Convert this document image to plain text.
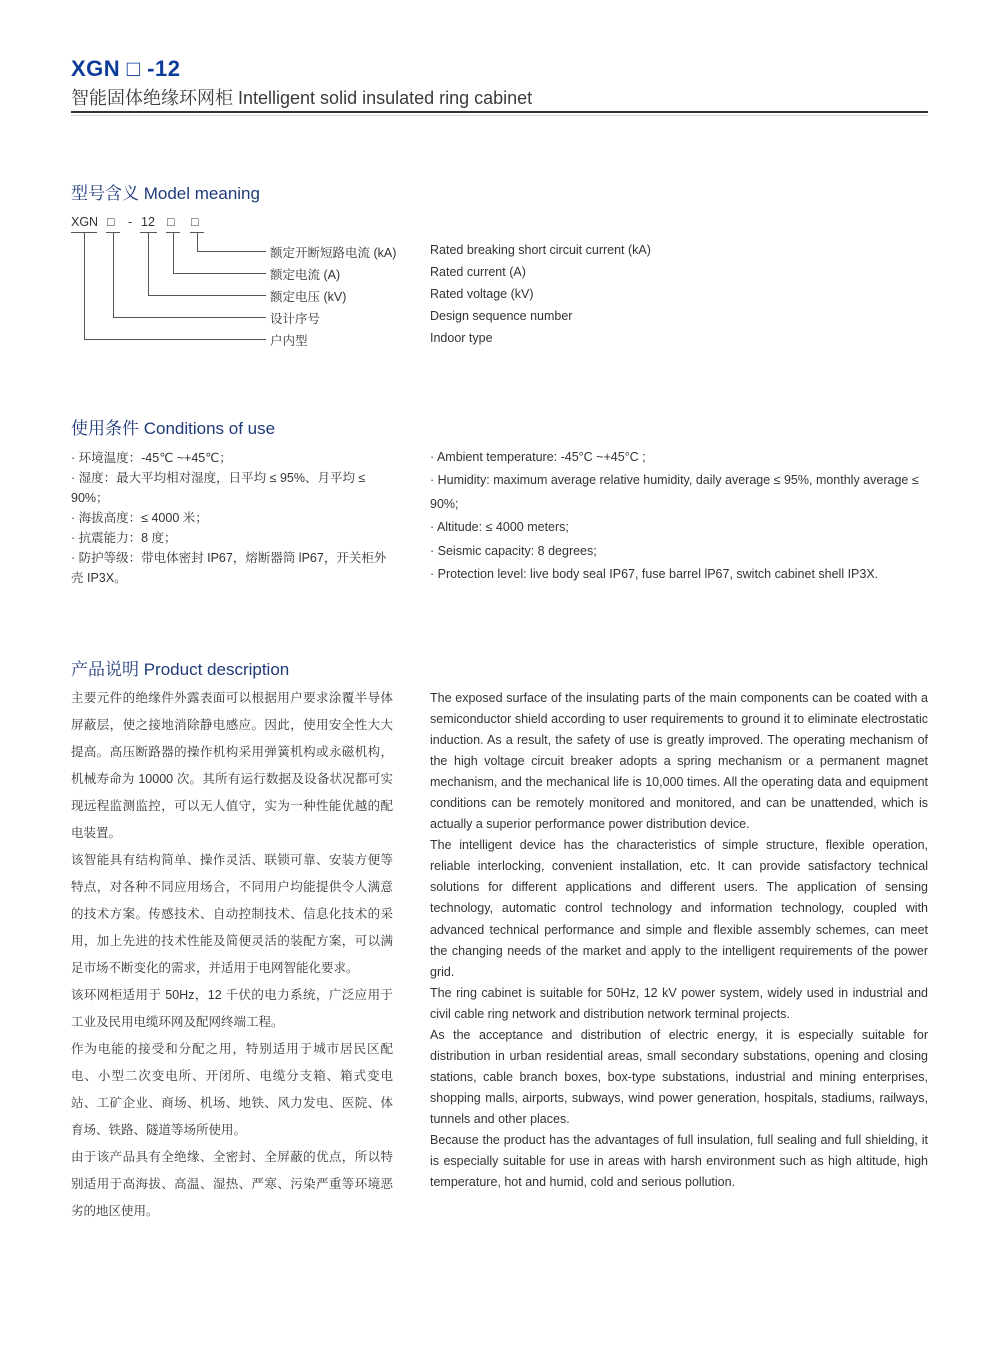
XGN □ -12
智能固体绝缘环网柜 Intelligent solid insulated ring cabinet
型号含义 Model meaning
XGN □ - 12 □ □
额定开断短路电流 (kA)
额定电流 (A)
额定电压 (kV)
设计序号
户内型
Rated breaking short circuit current (kA)
Rated current (A)
Rated voltage (kV)
Design sequence number
Indoor type
使用条件 Conditions of use

· 环境温度：-45℃ ~+45℃；

· 湿度：最大平均相对湿度，日平均 ≤ 95%、月平均 ≤ 90%；

· 海拔高度：≤ 4000 米；

· 抗震能力：8 度；

· 防护等级：带电体密封 IP67，熔断器筒 lP67，开关柜外壳 IP3X。

· Ambient temperature: -45°C ~+45°C ;

· Humidity: maximum average relative humidity, daily average ≤ 95%, monthly average ≤ 90%;

· Altitude: ≤ 4000 meters;

· Seismic capacity: 8 degrees;

· Protection level: live body seal IP67, fuse barrel lP67, switch cabinet shell IP3X.

产品说明 Product description

主要元件的绝缘件外露表面可以根据用户要求涂覆半导体屏蔽层，使之接地消除静电感应。因此，使用安全性大大提高。高压断路器的操作机构采用弹簧机构或永磁机构，机械寿命为 10000 次。其所有运行数据及设备状况都可实现远程监测监控，可以无人值守，实为一种性能优越的配电装置。

该智能具有结构简单、操作灵活、联锁可靠、安装方便等特点，对各种不同应用场合，不同用户均能提供令人满意的技术方案。传感技术、自动控制技术、信息化技术的采用，加上先进的技术性能及简便灵活的装配方案，可以满足市场不断变化的需求，并适用于电网智能化要求。

该环网柜适用于 50Hz，12 千伏的电力系统，广泛应用于工业及民用电缆环网及配网终端工程。

作为电能的接受和分配之用，特别适用于城市居民区配电、小型二次变电所、开闭所、电缆分支箱、箱式变电站、工矿企业、商场、机场、地铁、风力发电、医院、体育场、铁路、隧道等场所使用。

由于该产品具有全绝缘、全密封、全屏蔽的优点，所以特别适用于高海拔、高温、湿热、严寒、污染严重等环境恶劣的地区使用。

The exposed surface of the insulating parts of the main components can be coated with a semiconductor shield according to user requirements to ground it to eliminate electrostatic induction. As a result, the safety of use is greatly improved. The operating mechanism of the high voltage circuit breaker adopts a spring mechanism or a permanent magnet mechanism, and the mechanical life is 10,000 times. All the operating data and equipment conditions can be remotely monitored and monitored, and can be unattended, which is actually a superior performance power distribution device.

The intelligent device has the characteristics of simple structure, flexible operation, reliable interlocking, convenient installation, etc. It can provide satisfactory technical solutions for different applications and different users. The application of sensing technology, automatic control technology and information technology, coupled with advanced technical performance and simple and flexible assembly schemes, can meet the changing needs of the market and apply to the intelligent requirements of the power grid.

The ring cabinet is suitable for 50Hz, 12 kV power system, widely used in industrial and civil cable ring network and distribution network terminal projects.

As the acceptance and distribution of electric energy, it is especially suitable for distribution in urban residential areas, small secondary substations, opening and closing stations, cable branch boxes, box-type substations, industrial and mining enterprises, shopping malls, airports, subways, wind power generation, hospitals, stadiums, railways, tunnels and other places.

Because the product has the advantages of full insulation, full sealing and full shielding, it is especially suitable for use in areas with harsh environment such as high altitude, high temperature, hot and humid, cold and serious pollution.
